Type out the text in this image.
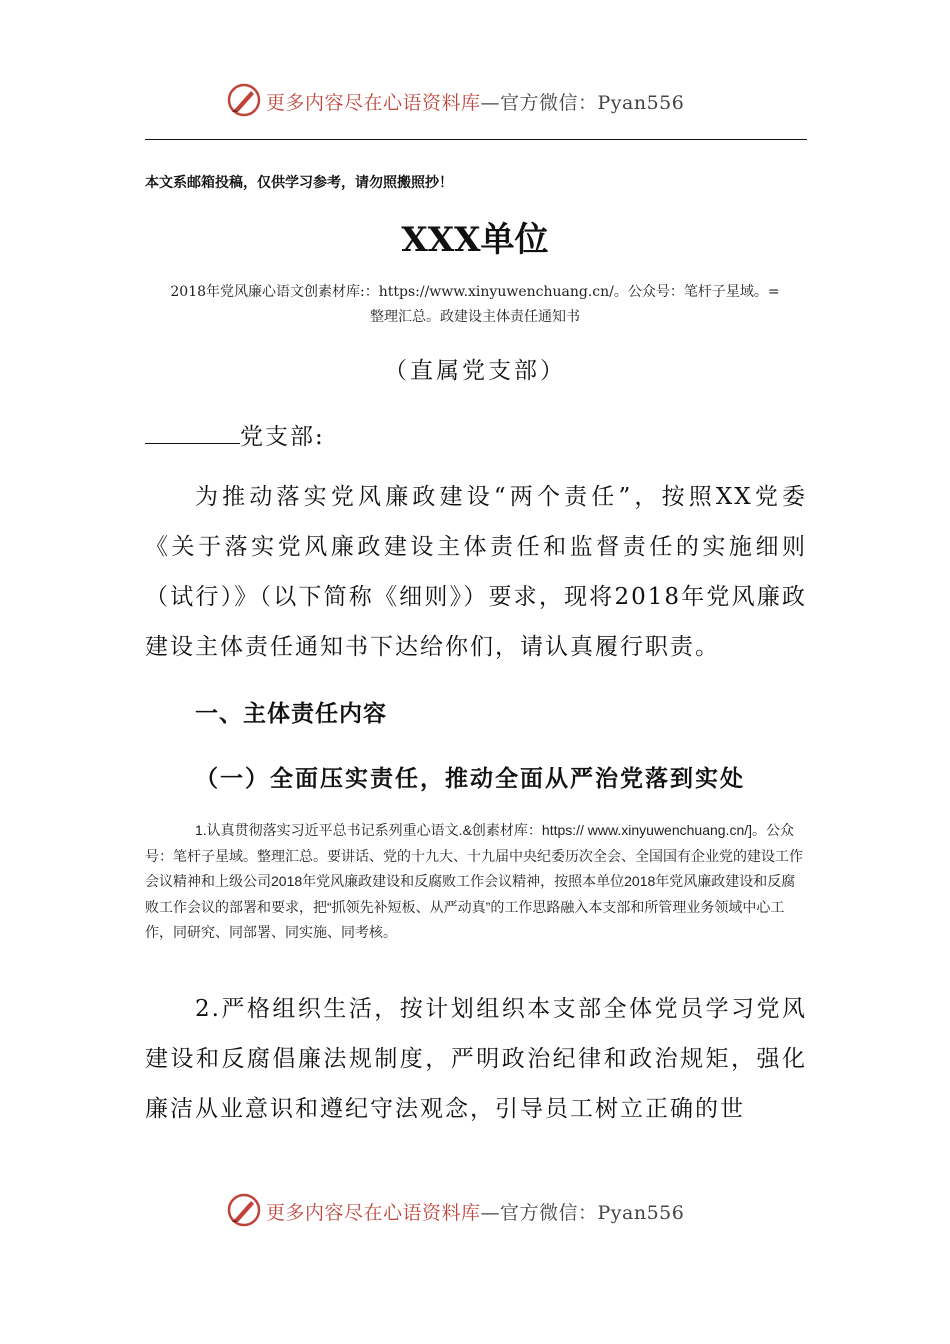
更多内容尽在心语资料库—官方微信：Pyan556
本文系邮箱投稿，仅供学习参考，请勿照搬照抄！
XXX单位
2018年党风廉心语文创素材库:：https://www.xinyuwenchuang.cn/。公众号：笔杆子星域。=
整理汇总。政建设主体责任通知书
（直属党支部）
党支部:
为推动落实党风廉政建设“两个责任”，按照XX党委《关于落实党风廉政建设主体责任和监督责任的实施细则（试行）》（以下简称《细则》）要求，现将2018年党风廉政建设主体责任通知书下达给你们，请认真履行职责。
一、主体责任内容
（一）全面压实责任，推动全面从严治党落到实处
1.认真贯彻落实习近平总书记系列重心语文.&创素材库：https:// www.xinyuwenchuang.cn/]。公众号：笔杆子星域。整理汇总。要讲话、党的十九大、十九届中央纪委历次全会、全国国有企业党的建设工作会议精神和上级公司2018年党风廉政建设和反腐败工作会议精神，按照本单位2018年党风廉政建设和反腐败工作会议的部署和要求，把“抓领先补短板、从严动真”的工作思路融入本支部和所管理业务领域中心工作，同研究、同部署、同实施、同考核。
2.严格组织生活，按计划组织本支部全体党员学习党风建设和反腐倡廉法规制度，严明政治纪律和政治规矩，强化廉洁从业意识和遵纪守法观念，引导员工树立正确的世
更多内容尽在心语资料库—官方微信：Pyan556
